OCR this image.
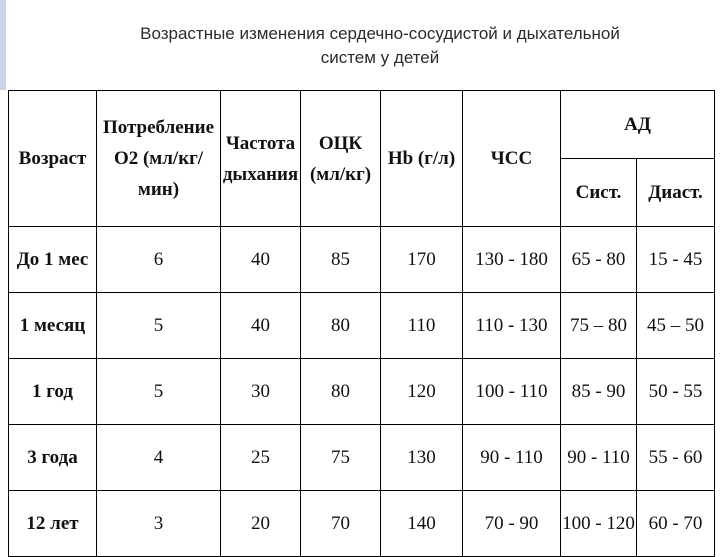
Возрастные изменения сердечно-сосудистой и дыхательной
систем у детей
Возраст	Потребление O2 (мл/кг/мин)	Частота дыхания	ОЦК (мл/кг)	Hb (г/л)	ЧСС	АД	
						Сист.	Диаст.
До 1 мес	6	40	85	170	130 - 180	65 - 80	15 - 45
1 месяц	5	40	80	110	110 - 130	75 – 80	45 – 50
1 год	5	30	80	120	100 - 110	85 - 90	50 - 55
3 года	4	25	75	130	90 - 110	90 - 110	55 - 60
12 лет	3	20	70	140	70 - 90	100 - 120	60 - 70
